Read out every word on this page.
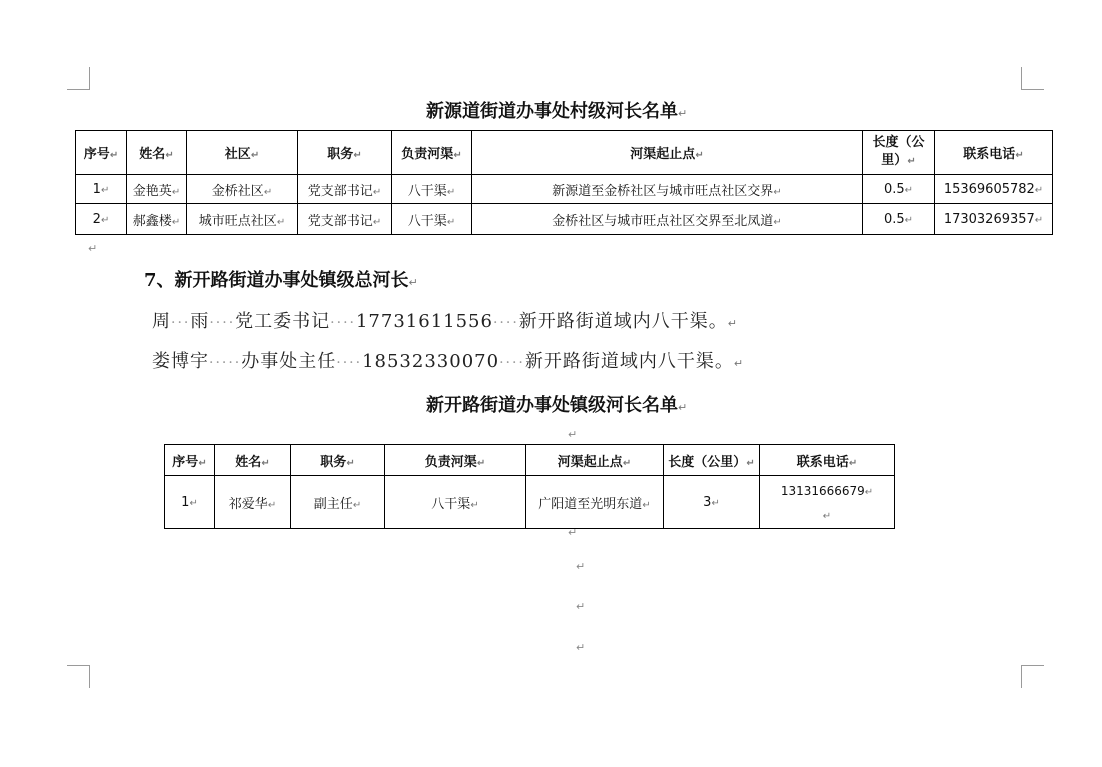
新源道街道办事处村级河长名单↵
序号↵	姓名↵	社区↵	职务↵	负责河渠↵	河渠起止点↵	长度（公里）↵	联系电话↵
1↵	金艳英↵	金桥社区↵	党支部书记↵	八干渠↵	新源道至金桥社区与城市旺点社区交界↵	0.5↵	15369605782↵
2↵	郝鑫楼↵	城市旺点社区↵	党支部书记↵	八干渠↵	金桥社区与城市旺点社区交界至北凤道↵	0.5↵	17303269357↵
↵
7、新开路街道办事处镇级总河长↵
周···雨····党工委书记····17731611556····新开路街道域内八干渠。↵
娄博宇·····办事处主任····18532330070····新开路街道域内八干渠。↵
新开路街道办事处镇级河长名单↵
↵
序号↵	姓名↵	职务↵	负责河渠↵	河渠起止点↵	长度（公里）↵	联系电话↵
1↵	祁爱华↵	副主任↵	八干渠↵	广阳道至光明东道↵	3↵	13131666679↵
↵
↵
↵
↵
↵
